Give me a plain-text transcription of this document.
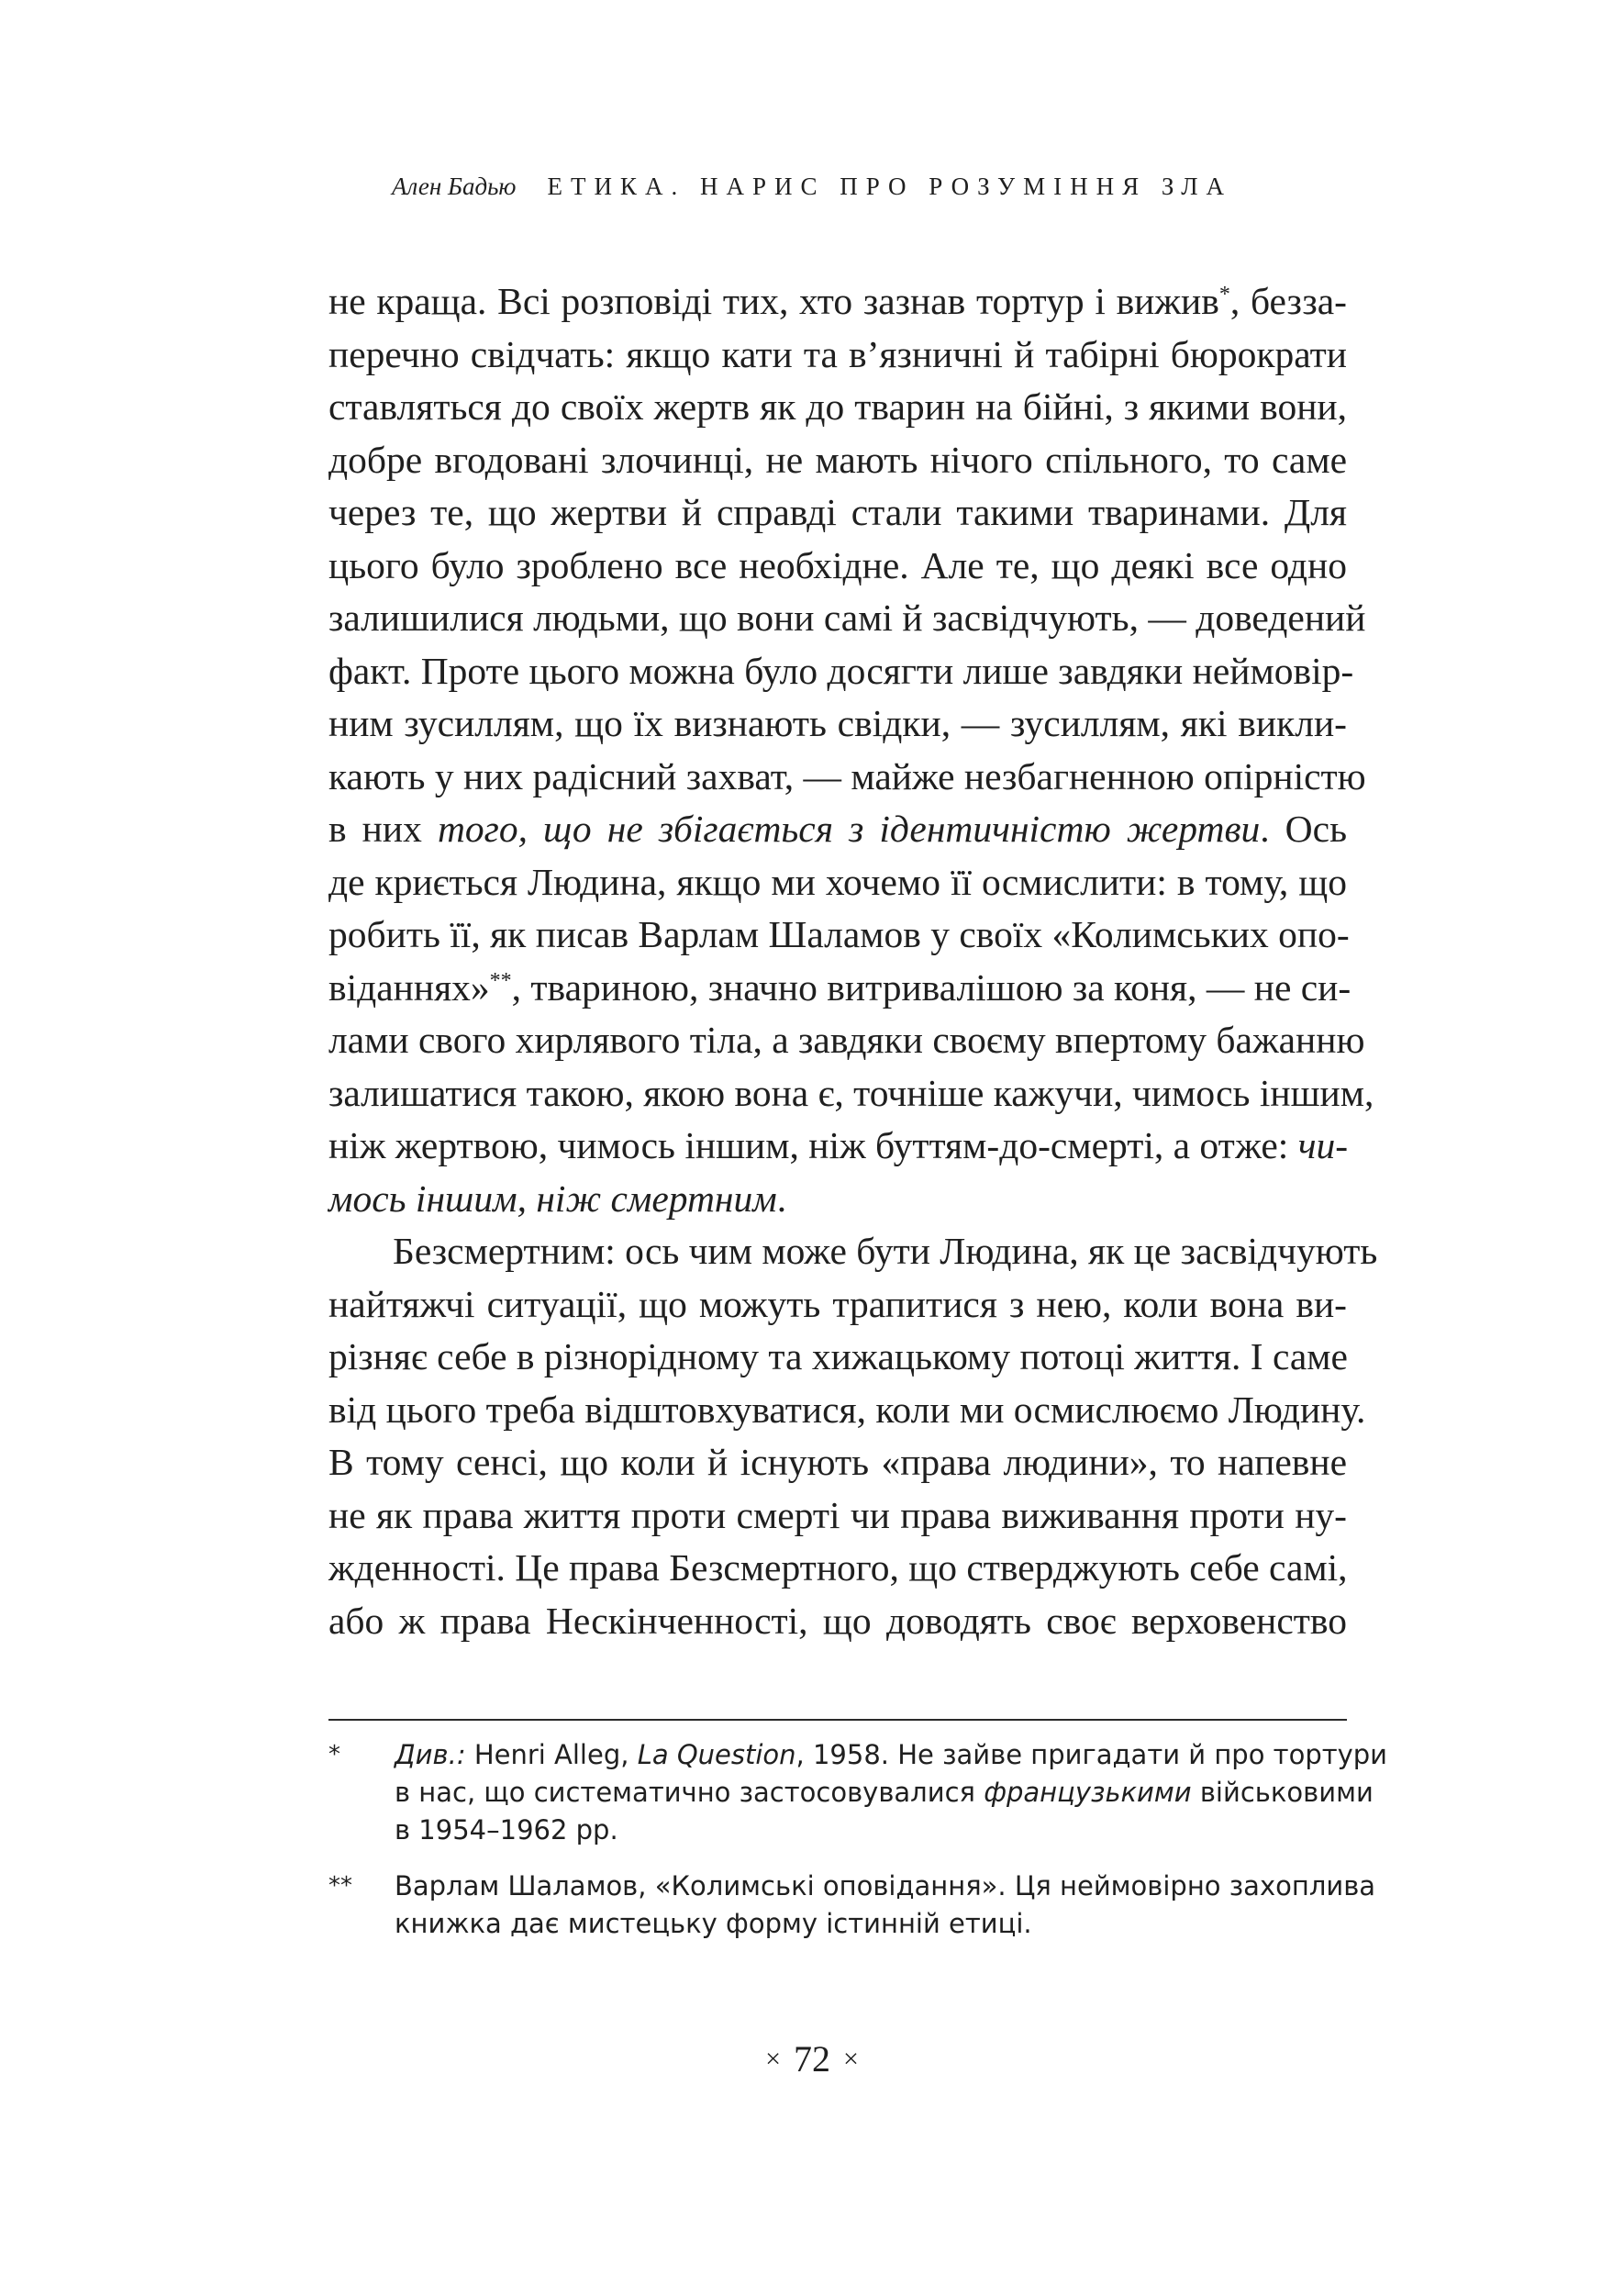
Ален Бадью ЕТИКА. НАРИС ПРО РОЗУМІННЯ ЗЛА
не краща. Всі розповіді тих, хто зазнав тортур і вижив*, безза-
перечно свідчать: якщо кати та в’язничні й табірні бюрократи
ставляться до своїх жертв як до тварин на бійні, з якими вони,
добре вгодовані злочинці, не мають нічого спільного, то саме
через те, що жертви й справді стали такими тваринами. Для
цього було зроблено все необхідне. Але те, що деякі все одно
залишилися людьми, що вони самі й засвідчують, — доведений
факт. Проте цього можна було досягти лише завдяки неймовір-
ним зусиллям, що їх визнають свідки, — зусиллям, які викли-
кають у них радісний захват, — майже незбагненною опірністю
в них того, що не збігається з ідентичністю жертви. Ось
де криється Людина, якщо ми хочемо її осмислити: в тому, що
робить її, як писав Варлам Шаламов у своїх «Колимських опо-
віданнях»**, тваринoю, значно витривалішою за коня, — не си-
лами свого хирлявого тіла, а завдяки своєму впертому бажанню
залишатися такою, якою вона є, точніше кажучи, чимось іншим,
ніж жертвою, чимось іншим, ніж буттям-до-смерті, а отже: чи-
мось іншим, ніж смертним.
Безсмертним: ось чим може бути Людина, як це засвідчують
найтяжчі ситуації, що можуть трапитися з нею, коли вона ви-
різняє себе в різнорідному та хижацькому потоці життя. І саме
від цього треба відштовхуватися, коли ми осмислюємо Людину.
В тому сенсі, що коли й існують «права людини», то напевне
не як права життя проти смерті чи права виживання проти ну-
жденності. Це права Безсмертного, що стверджують себе самі,
або ж права Нескінченності, що доводять своє верховенство
* Див.: Henri Alleg, La Question, 1958. Не зайве пригадати й про тортури
в нас, що систематично застосовувалися французькими військовими
в 1954–1962 рр.
** Варлам Шаламов, «Колимські оповідання». Ця неймовірно захоплива
книжка дає мистецьку форму істинній етиці.
× 72 ×
